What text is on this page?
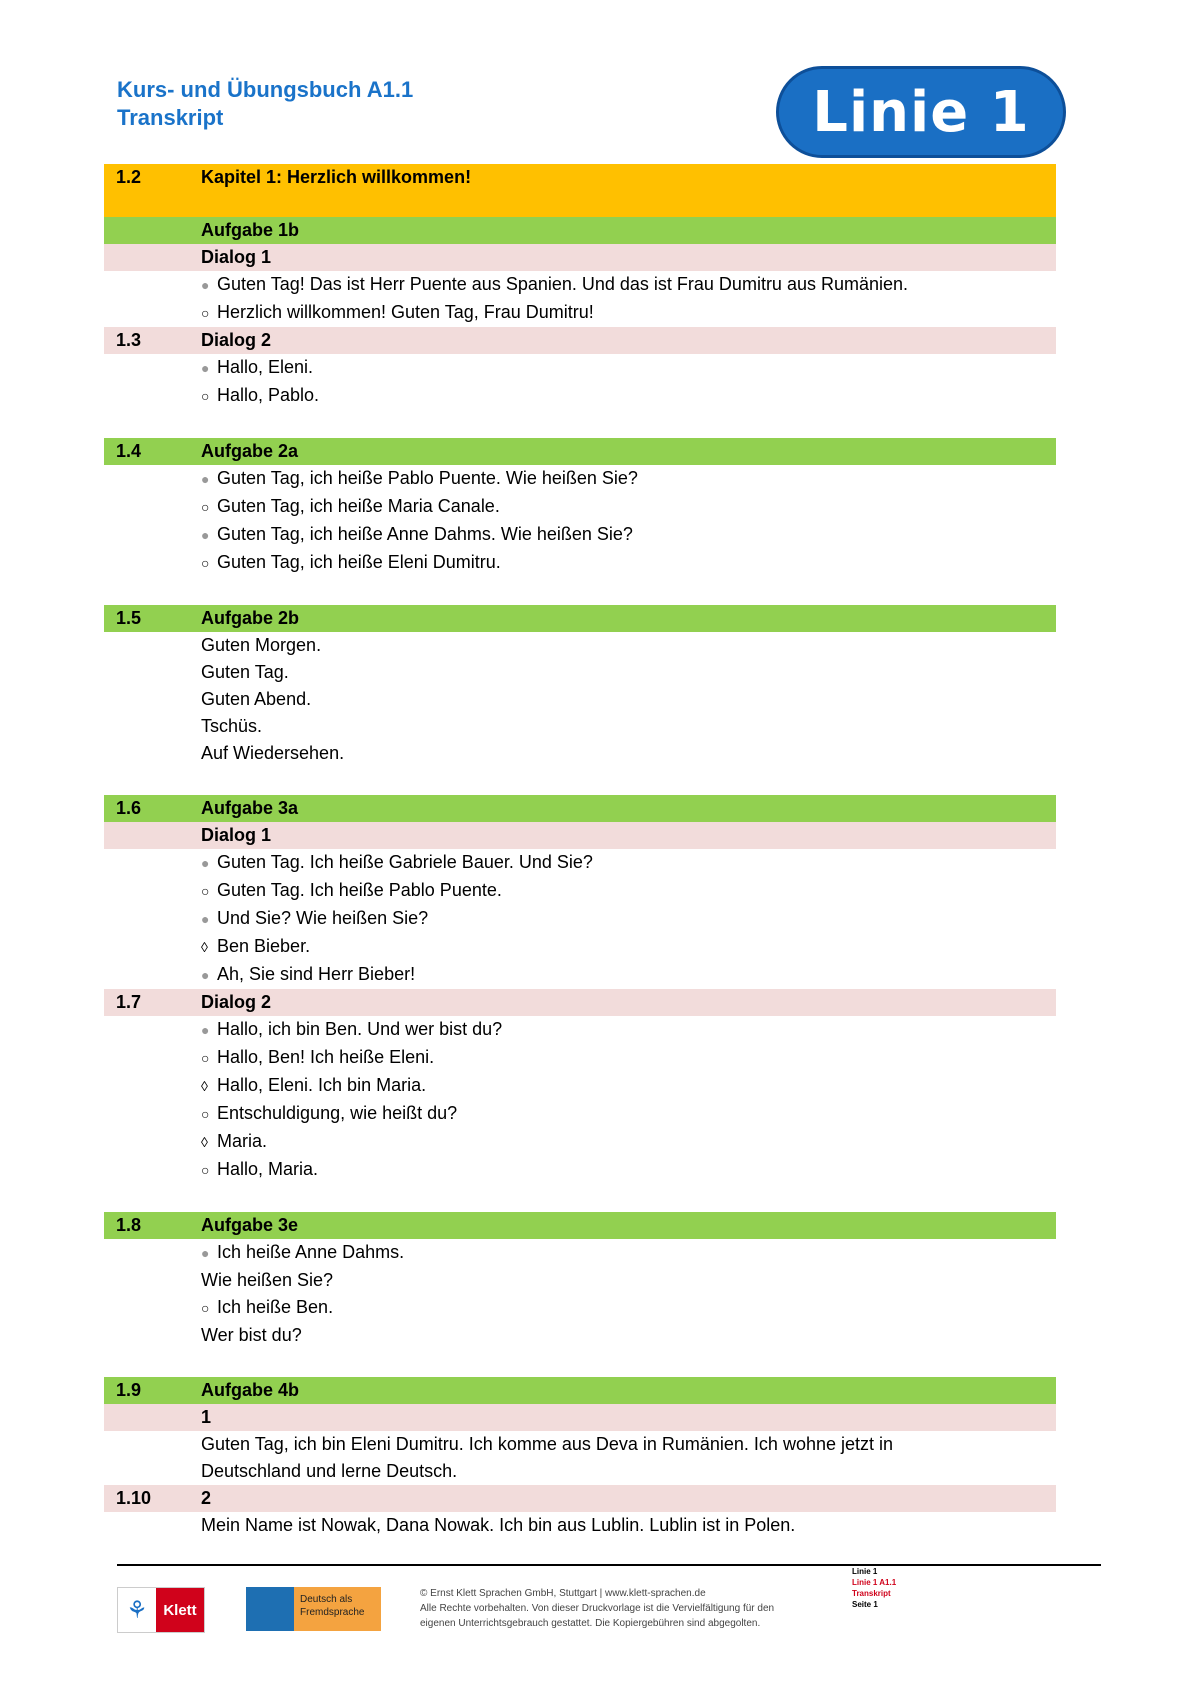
Kurs- und Übungsbuch A1.1
Transkript	Linie 1
1.2	Kapitel 1: Herzlich willkommen!
Aufgabe 1b
Dialog 1
● Guten Tag! Das ist Herr Puente aus Spanien. Und das ist Frau Dumitru aus Rumänien.
○ Herzlich willkommen! Guten Tag, Frau Dumitru!
1.3	Dialog 2
● Hallo, Eleni.
○ Hallo, Pablo.
1.4	Aufgabe 2a
● Guten Tag, ich heiße Pablo Puente. Wie heißen Sie?
○ Guten Tag, ich heiße Maria Canale.
● Guten Tag, ich heiße Anne Dahms. Wie heißen Sie?
○ Guten Tag, ich heiße Eleni Dumitru.
1.5	Aufgabe 2b
Guten Morgen.
Guten Tag.
Guten Abend.
Tschüs.
Auf Wiedersehen.
1.6	Aufgabe 3a
Dialog 1
● Guten Tag. Ich heiße Gabriele Bauer. Und Sie?
○ Guten Tag. Ich heiße Pablo Puente.
● Und Sie? Wie heißen Sie?
◊ Ben Bieber.
● Ah, Sie sind Herr Bieber!
1.7	Dialog 2
● Hallo, ich bin Ben. Und wer bist du?
○ Hallo, Ben! Ich heiße Eleni.
◊ Hallo, Eleni. Ich bin Maria.
○ Entschuldigung, wie heißt du?
◊ Maria.
○ Hallo, Maria.
1.8	Aufgabe 3e
● Ich heiße Anne Dahms.
Wie heißen Sie?
○ Ich heiße Ben.
Wer bist du?
1.9	Aufgabe 4b
1
Guten Tag, ich bin Eleni Dumitru. Ich komme aus Deva in Rumänien. Ich wohne jetzt in
Deutschland und lerne Deutsch.
1.10	2
Mein Name ist Nowak, Dana Nowak. Ich bin aus Lublin. Lublin ist in Polen.
⚘	Klett
Deutsch als Fremdsprache
© Ernst Klett Sprachen GmbH, Stuttgart | www.klett-sprachen.de
Alle Rechte vorbehalten. Von dieser Druckvorlage ist die Vervielfältigung für den
eigenen Unterrichtsgebrauch gestattet. Die Kopiergebühren sind abgegolten.
Linie 1
Linie 1 A1.1
Transkript
Seite 1
